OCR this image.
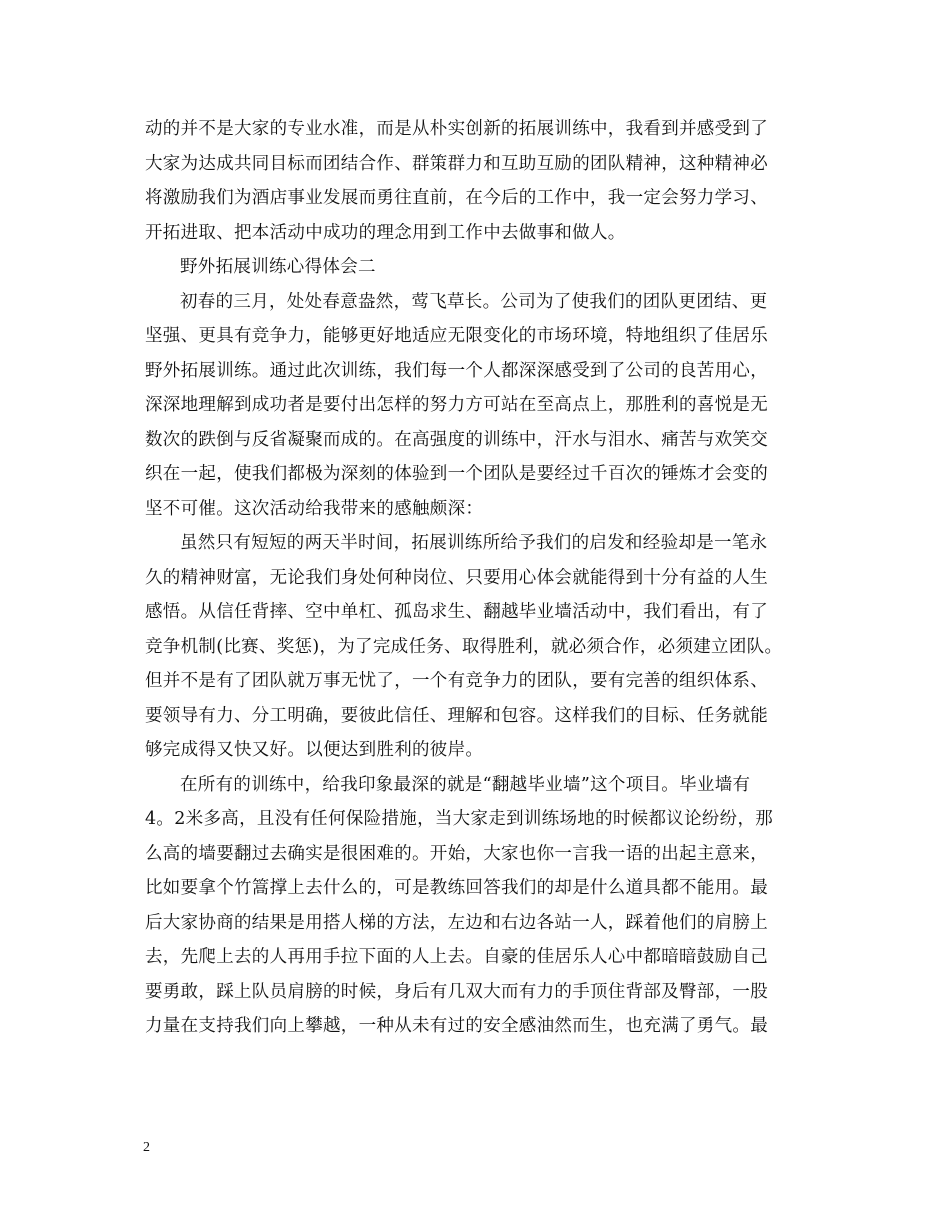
动的并不是大家的专业水准，而是从朴实创新的拓展训练中，我看到并感受到了
大家为达成共同目标而团结合作、群策群力和互助互励的团队精神，这种精神必
将激励我们为酒店事业发展而勇往直前，在今后的工作中，我一定会努力学习、
开拓进取、把本活动中成功的理念用到工作中去做事和做人。
野外拓展训练心得体会二
初春的三月，处处春意盎然，莺飞草长。公司为了使我们的团队更团结、更
坚强、更具有竞争力，能够更好地适应无限变化的市场环境，特地组织了佳居乐
野外拓展训练。通过此次训练，我们每一个人都深深感受到了公司的良苦用心，
深深地理解到成功者是要付出怎样的努力方可站在至高点上，那胜利的喜悦是无
数次的跌倒与反省凝聚而成的。在高强度的训练中，汗水与泪水、痛苦与欢笑交
织在一起，使我们都极为深刻的体验到一个团队是要经过千百次的锤炼才会变的
坚不可催。这次活动给我带来的感触颇深：
虽然只有短短的两天半时间，拓展训练所给予我们的启发和经验却是一笔永
久的精神财富，无论我们身处何种岗位、只要用心体会就能得到十分有益的人生
感悟。从信任背摔、空中单杠、孤岛求生、翻越毕业墙活动中，我们看出，有了
竞争机制(比赛、奖惩)，为了完成任务、取得胜利，就必须合作，必须建立团队。
但并不是有了团队就万事无忧了，一个有竞争力的团队，要有完善的组织体系、
要领导有力、分工明确，要彼此信任、理解和包容。这样我们的目标、任务就能
够完成得又快又好。以便达到胜利的彼岸。
在所有的训练中，给我印象最深的就是“翻越毕业墙”这个项目。毕业墙有
4。2米多高，且没有任何保险措施，当大家走到训练场地的时候都议论纷纷，那
么高的墙要翻过去确实是很困难的。开始，大家也你一言我一语的出起主意来，
比如要拿个竹篙撑上去什么的，可是教练回答我们的却是什么道具都不能用。最
后大家协商的结果是用搭人梯的方法，左边和右边各站一人，踩着他们的肩膀上
去，先爬上去的人再用手拉下面的人上去。自豪的佳居乐人心中都暗暗鼓励自己
要勇敢，踩上队员肩膀的时候，身后有几双大而有力的手顶住背部及臀部，一股
力量在支持我们向上攀越，一种从未有过的安全感油然而生，也充满了勇气。最
2
